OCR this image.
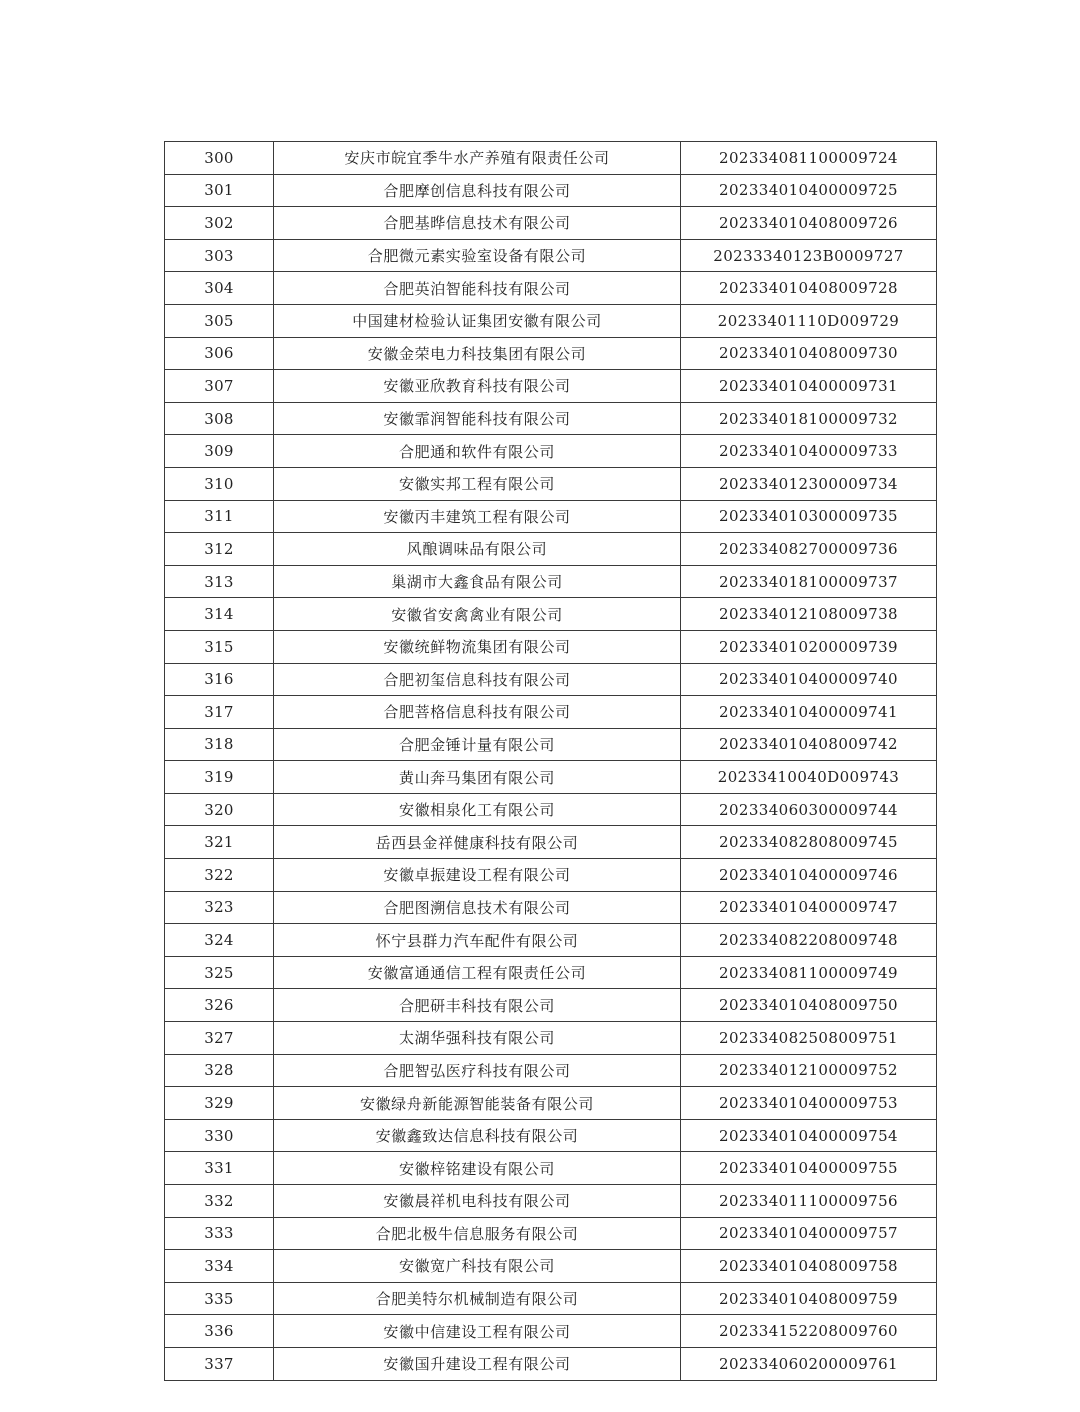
300	安庆市皖宜季牛水产养殖有限责任公司	202334081100009724
301	合肥摩创信息科技有限公司	202334010400009725
302	合肥基晔信息技术有限公司	202334010408009726
303	合肥微元素实验室设备有限公司	20233340123B0009727
304	合肥英泊智能科技有限公司	202334010408009728
305	中国建材检验认证集团安徽有限公司	20233401110D009729
306	安徽金荣电力科技集团有限公司	202334010408009730
307	安徽亚欣教育科技有限公司	202334010400009731
308	安徽霏润智能科技有限公司	202334018100009732
309	合肥通和软件有限公司	202334010400009733
310	安徽实邦工程有限公司	202334012300009734
311	安徽丙丰建筑工程有限公司	202334010300009735
312	风酿调味品有限公司	202334082700009736
313	巢湖市大鑫食品有限公司	202334018100009737
314	安徽省安禽禽业有限公司	202334012108009738
315	安徽统鲜物流集团有限公司	202334010200009739
316	合肥初玺信息科技有限公司	202334010400009740
317	合肥菩格信息科技有限公司	202334010400009741
318	合肥金锤计量有限公司	202334010408009742
319	黄山奔马集团有限公司	20233410040D009743
320	安徽相泉化工有限公司	202334060300009744
321	岳西县金祥健康科技有限公司	202334082808009745
322	安徽卓振建设工程有限公司	202334010400009746
323	合肥图溯信息技术有限公司	202334010400009747
324	怀宁县群力汽车配件有限公司	202334082208009748
325	安徽富通通信工程有限责任公司	202334081100009749
326	合肥研丰科技有限公司	202334010408009750
327	太湖华强科技有限公司	202334082508009751
328	合肥智弘医疗科技有限公司	202334012100009752
329	安徽绿舟新能源智能装备有限公司	202334010400009753
330	安徽鑫致达信息科技有限公司	202334010400009754
331	安徽梓铭建设有限公司	202334010400009755
332	安徽晨祥机电科技有限公司	202334011100009756
333	合肥北极牛信息服务有限公司	202334010400009757
334	安徽宽广科技有限公司	202334010408009758
335	合肥美特尔机械制造有限公司	202334010408009759
336	安徽中信建设工程有限公司	202334152208009760
337	安徽国升建设工程有限公司	202334060200009761
